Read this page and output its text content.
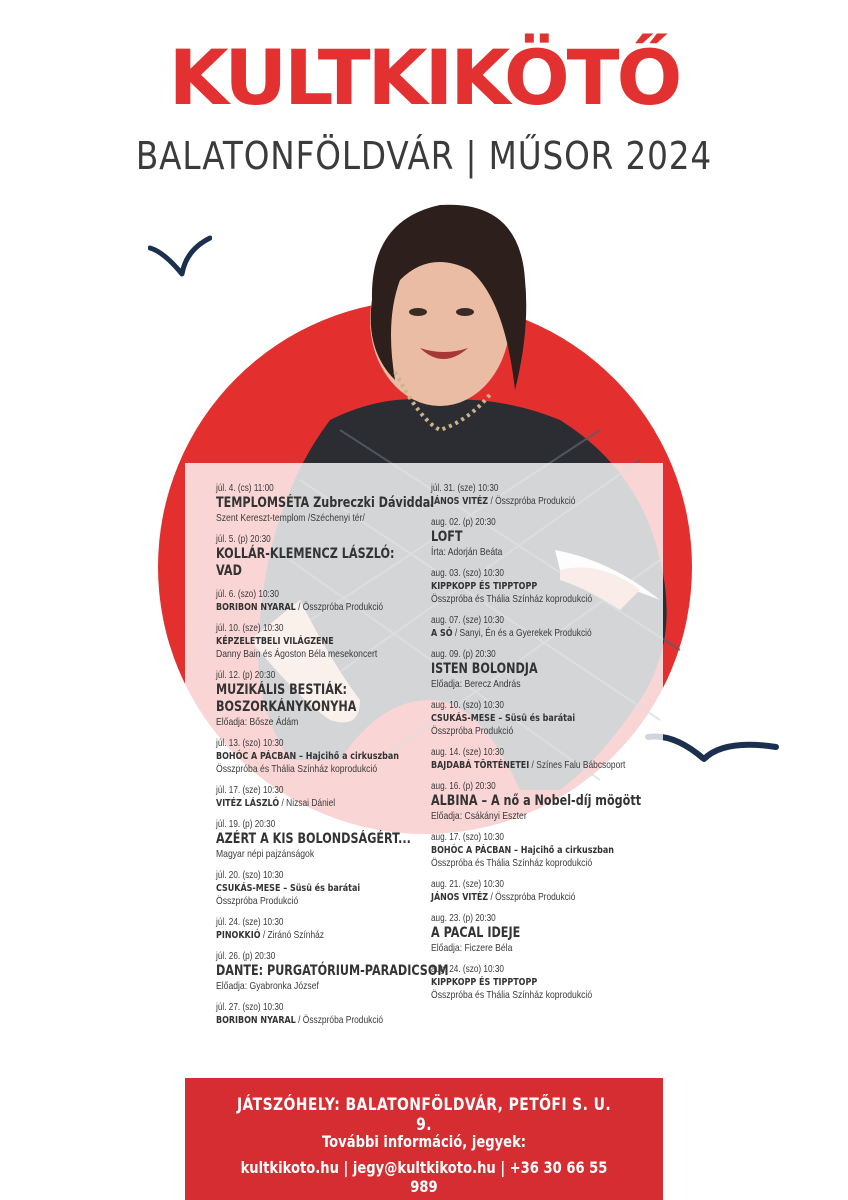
KULTKIKÖTŐ
BALATONFÖLDVÁR | MŰSOR 2024
júl. 4. (cs) 11:00
TEMPLOMSÉTA Zubreczki Dáviddal
Szent Kereszt-templom /Széchenyi tér/
júl. 5. (p) 20:30
KOLLÁR-KLEMENCZ LÁSZLÓ:
VAD
júl. 6. (szo) 10:30
BORIBON NYARAL / Összpróba Produkció
júl. 10. (sze) 10:30
KÉPZELETBELI VILÁGZENE
Danny Bain és Ágoston Béla mesekoncert
júl. 12. (p) 20:30
MUZIKÁLIS BESTIÁK:
BOSZORKÁNYKONYHA
Előadja: Bősze Ádám
júl. 13. (szo) 10:30
BOHÓC A PÁCBAN – Hajcihő a cirkuszban
Összpróba és Thália Színház koprodukció
júl. 17. (sze) 10:30
VITÉZ LÁSZLÓ / Nizsai Dániel
júl. 19. (p) 20:30
AZÉRT A KIS BOLONDSÁGÉRT...
Magyar népi pajzánságok
júl. 20. (szo) 10:30
CSUKÁS-MESE – Süsü és barátai
Összpróba Produkció
júl. 24. (sze) 10:30
PINOKKIÓ / Ziránó Színház
júl. 26. (p) 20:30
DANTE: PURGATÓRIUM-PARADICSOM
Előadja: Gyabronka József
júl. 27. (szo) 10:30
BORIBON NYARAL / Összpróba Produkció
júl. 31. (sze) 10:30
JÁNOS VITÉZ / Összpróba Produkció
aug. 02. (p) 20:30
LOFT
Írta: Adorján Beáta
aug. 03. (szo) 10:30
KIPPKOPP ÉS TIPPTOPP
Összpróba és Thália Színház koprodukció
aug. 07. (sze) 10:30
A SÓ / Sanyi, Én és a Gyerekek Produkció
aug. 09. (p) 20:30
ISTEN BOLONDJA
Előadja: Berecz András
aug. 10. (szo) 10:30
CSUKÁS-MESE – Süsü és barátai
Összpróba Produkció
aug. 14. (sze) 10:30
BAJDABÁ TÖRTÉNETEI / Színes Falu Bábcsoport
aug. 16. (p) 20:30
ALBINA – A nő a Nobel-díj mögött
Előadja: Csákányi Eszter
aug. 17. (szo) 10:30
BOHÓC A PÁCBAN – Hajcihő a cirkuszban
Összpróba és Thália Színház koprodukció
aug. 21. (sze) 10:30
JÁNOS VITÉZ / Összpróba Produkció
aug. 23. (p) 20:30
A PACAL IDEJE
Előadja: Ficzere Béla
aug. 24. (szo) 10:30
KIPPKOPP ÉS TIPPTOPP
Összpróba és Thália Színház koprodukció
JÁTSZÓHELY: BALATONFÖLDVÁR, PETŐFI S. U. 9.
További információ, jegyek:
kultkikoto.hu | jegy@kultkikoto.hu | +36 30 66 55 989
